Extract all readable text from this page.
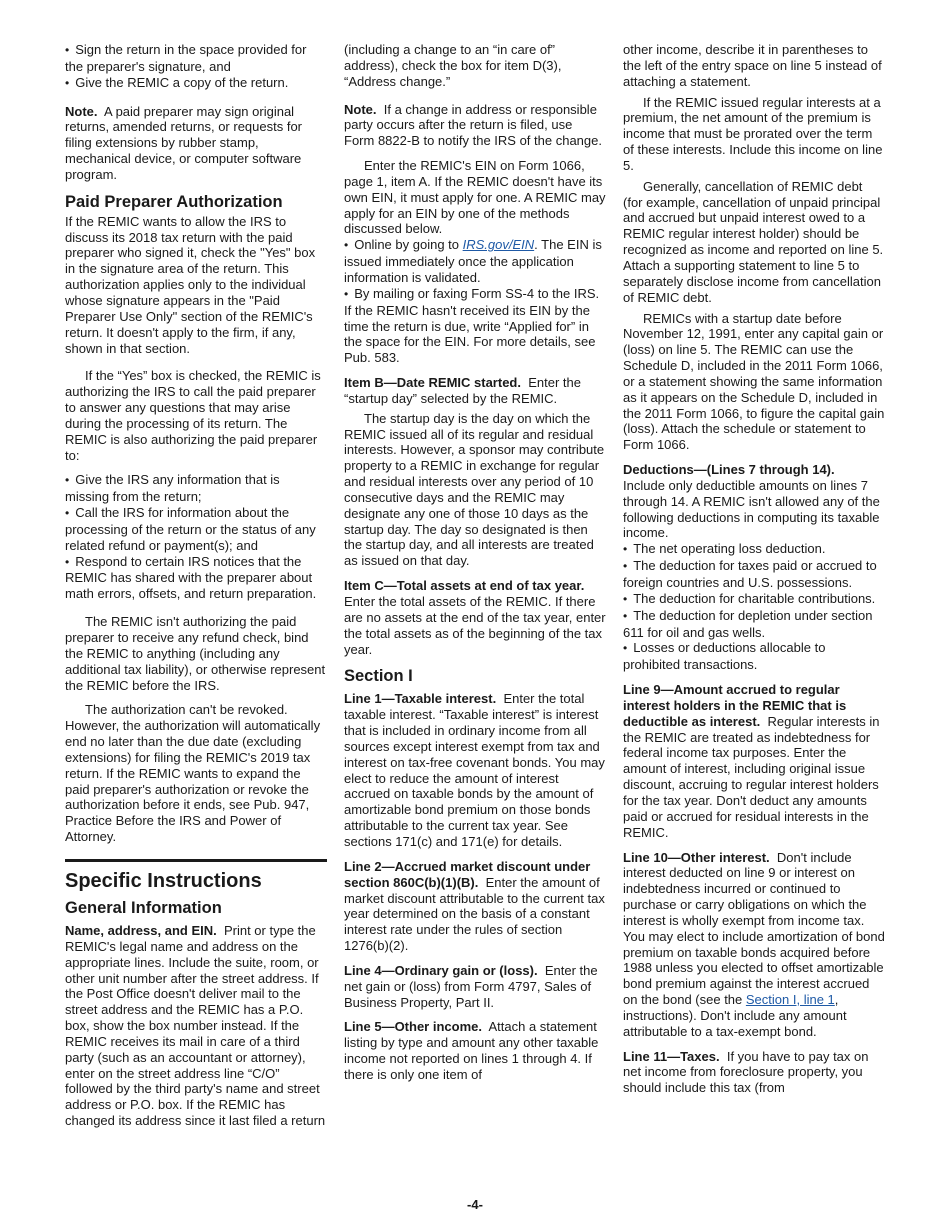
• Sign the return in the space provided for the preparer's signature, and
• Give the REMIC a copy of the return.

Note. A paid preparer may sign original returns, amended returns, or requests for filing extensions by rubber stamp, mechanical device, or computer software program.

Paid Preparer Authorization

If the REMIC wants to allow the IRS to discuss its 2018 tax return with the paid preparer who signed it, check the "Yes" box in the signature area of the return. This authorization applies only to the individual whose signature appears in the "Paid Preparer Use Only" section of the REMIC's return. It doesn't apply to the firm, if any, shown in that section.

If the “Yes” box is checked, the REMIC is authorizing the IRS to call the paid preparer to answer any questions that may arise during the processing of its return. The REMIC is also authorizing the paid preparer to:

• Give the IRS any information that is missing from the return;
• Call the IRS for information about the processing of the return or the status of any related refund or payment(s); and
• Respond to certain IRS notices that the REMIC has shared with the preparer about math errors, offsets, and return preparation.

The REMIC isn't authorizing the paid preparer to receive any refund check, bind the REMIC to anything (including any additional tax liability), or otherwise represent the REMIC before the IRS.

The authorization can't be revoked. However, the authorization will automatically end no later than the due date (excluding extensions) for filing the REMIC's 2019 tax return. If the REMIC wants to expand the paid preparer's authorization or revoke the authorization before it ends, see Pub. 947, Practice Before the IRS and Power of Attorney.

Specific Instructions
General Information

Name, address, and EIN. Print or type the REMIC's legal name and address on the appropriate lines. Include the suite, room, or other unit number after the street address. If the Post Office doesn't deliver mail to the street address and the REMIC has a P.O. box, show the box number instead. If the REMIC receives its mail in care of a third party (such as an accountant or attorney), enter on the street address line “C/O” followed by the third party's name and street address or P.O. box. If the REMIC has changed its address since it last filed a return

(including a change to an “in care of” address), check the box for item D(3), “Address change.”

Note. If a change in address or responsible party occurs after the return is filed, use Form 8822-B to notify the IRS of the change.

Enter the REMIC's EIN on Form 1066, page 1, item A. If the REMIC doesn't have its own EIN, it must apply for one. A REMIC may apply for an EIN by one of the methods discussed below.

• Online by going to IRS.gov/EIN. The EIN is issued immediately once the application information is validated.
• By mailing or faxing Form SS-4 to the IRS.

If the REMIC hasn't received its EIN by the time the return is due, write “Applied for” in the space for the EIN. For more details, see Pub. 583.

Item B—Date REMIC started. Enter the “startup day” selected by the REMIC.

The startup day is the day on which the REMIC issued all of its regular and residual interests. However, a sponsor may contribute property to a REMIC in exchange for regular and residual interests over any period of 10 consecutive days and the REMIC may designate any one of those 10 days as the startup day. The day so designated is then the startup day, and all interests are treated as issued on that day.

Item C—Total assets at end of tax year.  Enter the total assets of the REMIC. If there are no assets at the end of the tax year, enter the total assets as of the beginning of the tax year.

Section I

Line 1—Taxable interest. Enter the total taxable interest. “Taxable interest” is interest that is included in ordinary income from all sources except interest exempt from tax and interest on tax-free covenant bonds. You may elect to reduce the amount of interest accrued on taxable bonds by the amount of amortizable bond premium on those bonds attributable to the current tax year. See sections 171(c) and 171(e) for details.

Line 2—Accrued market discount under section 860C(b)(1)(B). Enter the amount of market discount attributable to the current tax year determined on the basis of a constant interest rate under the rules of section 1276(b)(2).

Line 4—Ordinary gain or (loss). Enter the net gain or (loss) from Form 4797, Sales of Business Property, Part II.

Line 5—Other income. Attach a statement listing by type and amount any other taxable income not reported on lines 1 through 4. If there is only one item of

other income, describe it in parentheses to the left of the entry space on line 5 instead of attaching a statement.

If the REMIC issued regular interests at a premium, the net amount of the premium is income that must be prorated over the term of these interests. Include this income on line 5.

Generally, cancellation of REMIC debt (for example, cancellation of unpaid principal and accrued but unpaid interest owed to a REMIC regular interest holder) should be recognized as income and reported on line 5. Attach a supporting statement to line 5 to separately disclose income from cancellation of REMIC debt.

REMICs with a startup date before November 12, 1991, enter any capital gain or (loss) on line 5. The REMIC can use the Schedule D, included in the 2011 Form 1066, or a statement showing the same information as it appears on the Schedule D, included in the 2011 Form 1066, to figure the capital gain (loss). Attach the schedule or statement to Form 1066.

Deductions—(Lines 7 through 14).
Include only deductible amounts on lines 7 through 14. A REMIC isn't allowed any of the following deductions in computing its taxable income.

• The net operating loss deduction.
• The deduction for taxes paid or accrued to foreign countries and U.S. possessions.
• The deduction for charitable contributions.
• The deduction for depletion under section 611 for oil and gas wells.
• Losses or deductions allocable to prohibited transactions.

Line 9—Amount accrued to regular interest holders in the REMIC that is deductible as interest. Regular interests in the REMIC are treated as indebtedness for federal income tax purposes. Enter the amount of interest, including original issue discount, accruing to regular interest holders for the tax year. Don't deduct any amounts paid or accrued for residual interests in the REMIC.

Line 10—Other interest. Don't include interest deducted on line 9 or interest on indebtedness incurred or continued to purchase or carry obligations on which the interest is wholly exempt from income tax. You may elect to include amortization of bond premium on taxable bonds acquired before 1988 unless you elected to offset amortizable bond premium against the interest accrued on the bond (see the Section I, line 1, instructions). Don't include any amount attributable to a tax-exempt bond.

Line 11—Taxes. If you have to pay tax on net income from foreclosure property, you should include this tax (from

-4-
